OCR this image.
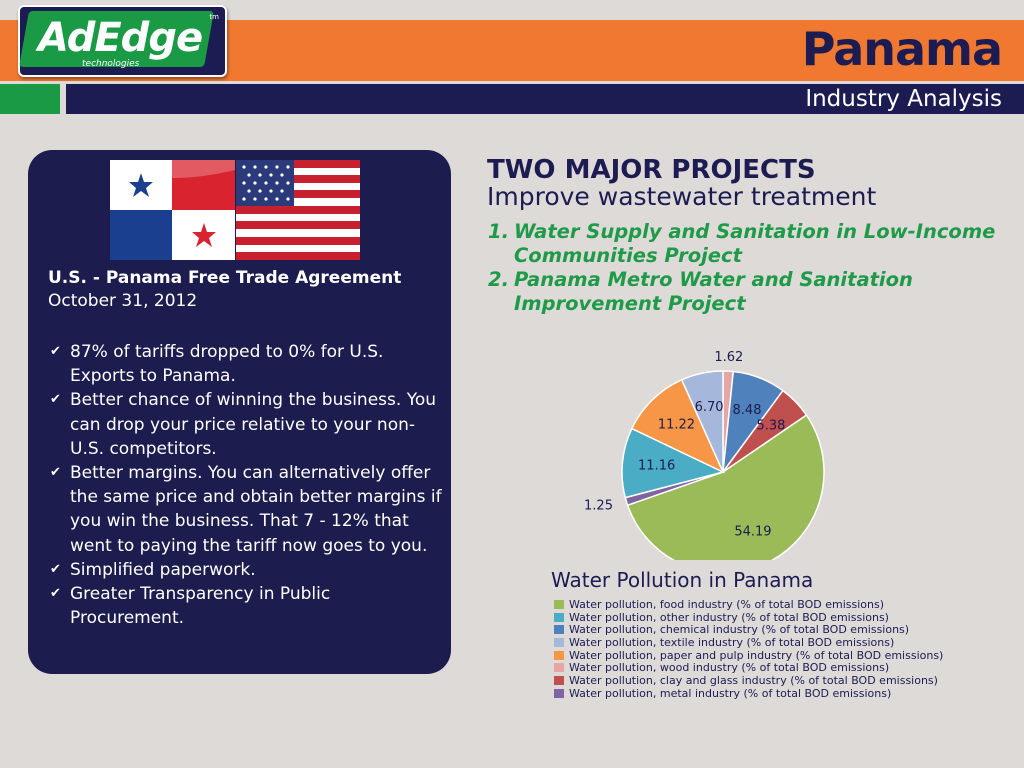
AdEdge
technologies
tm
Panama
Industry Analysis
U.S. - Panama Free Trade Agreement
October 31, 2012
✔ 87% of tariffs dropped to 0% for U.S. Exports to Panama.
✔ Better chance of winning the business. You can drop your price relative to your non-U.S. competitors.
✔ Better margins. You can alternatively offer the same price and obtain better margins if you win the business. That 7 - 12% that went to paying the tariff now goes to you.
✔ Simplified paperwork.
✔ Greater Transparency in Public Procurement.
TWO MAJOR PROJECTS
Improve wastewater treatment
1. Water Supply and Sanitation in Low-Income Communities Project
2. Panama Metro Water and Sanitation Improvement Project
1.62
8.48
5.38
54.19
1.25
11.16
11.22
6.70
Water Pollution in Panama
Water pollution, food industry (% of total BOD emissions)
Water pollution, other industry (% of total BOD emissions)
Water pollution, chemical industry (% of total BOD emissions)
Water pollution, textile industry (% of total BOD emissions)
Water pollution, paper and pulp industry (% of total BOD emissions)
Water pollution, wood industry (% of total BOD emissions)
Water pollution, clay and glass industry (% of total BOD emissions)
Water pollution, metal industry (% of total BOD emissions)
